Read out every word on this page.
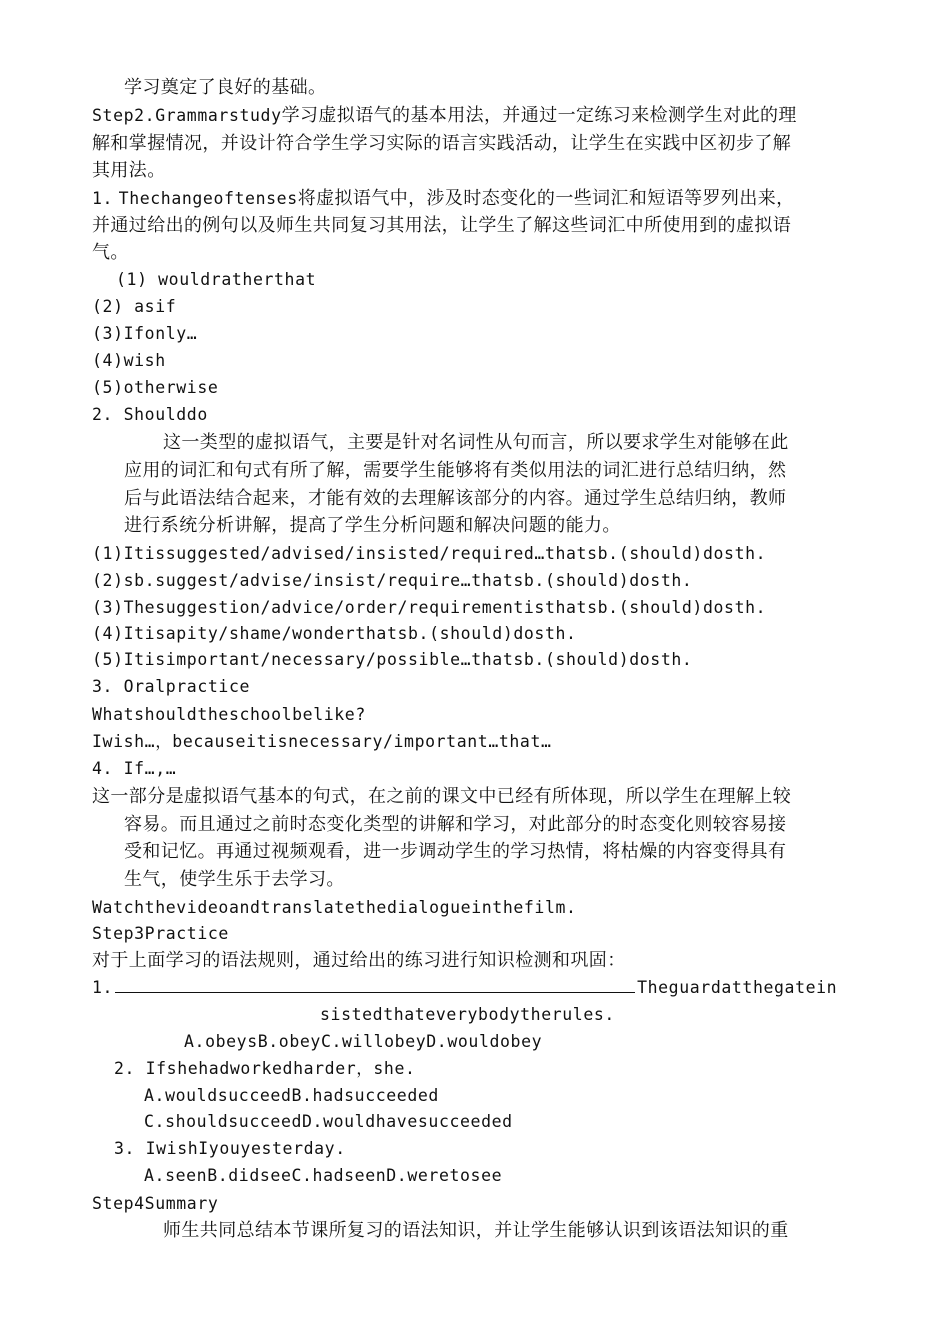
学习奠定了良好的基础。
Step2.Grammarstudy学习虚拟语气的基本用法，并通过一定练习来检测学生对此的理
解和掌握情况，并设计符合学生学习实际的语言实践活动，让学生在实践中区初步了解
其用法。
1. Thechangeoftenses将虚拟语气中，涉及时态变化的一些词汇和短语等罗列出来，
并通过给出的例句以及师生共同复习其用法，让学生了解这些词汇中所使用到的虚拟语
气。
(1) wouldratherthat
(2) asif
(3)Ifonly…
(4)wish
(5)otherwise
2. Shoulddo
这一类型的虚拟语气，主要是针对名词性从句而言，所以要求学生对能够在此
应用的词汇和句式有所了解，需要学生能够将有类似用法的词汇进行总结归纳，然
后与此语法结合起来，才能有效的去理解该部分的内容。通过学生总结归纳，教师
进行系统分析讲解，提高了学生分析问题和解决问题的能力。
(1)Itissuggested/advised/insisted/required…thatsb.(should)dosth.
(2)sb.suggest/advise/insist/require…thatsb.(should)dosth.
(3)Thesuggestion/advice/order/requirementisthatsb.(should)dosth.
(4)Itisapity/shame/wonderthatsb.(should)dosth.
(5)Itisimportant/necessary/possible…thatsb.(should)dosth.
3. Oralpractice
Whatshouldtheschoolbelike?
Iwish…，becauseitisnecessary/important…that…
4. If…,…
这一部分是虚拟语气基本的句式，在之前的课文中已经有所体现，所以学生在理解上较
容易。而且通过之前时态变化类型的讲解和学习，对此部分的时态变化则较容易接
受和记忆。再通过视频观看，进一步调动学生的学习热情，将枯燥的内容变得具有
生气，使学生乐于去学习。
Watchthevideoandtranslatethedialogueinthefilm.
Step3Practice
对于上面学习的语法规则，通过给出的练习进行知识检测和巩固：
1.	Theguardatthegatein
sistedthateverybodytherules.
A.obeysB.obeyC.willobeyD.wouldobey
2. Ifshehadworkedharder，she.
A.wouldsucceedB.hadsucceeded
C.shouldsucceedD.wouldhavesucceeded
3. IwishIyouyesterday.
A.seenB.didseeC.hadseenD.weretosee
Step4Summary
师生共同总结本节课所复习的语法知识，并让学生能够认识到该语法知识的重
